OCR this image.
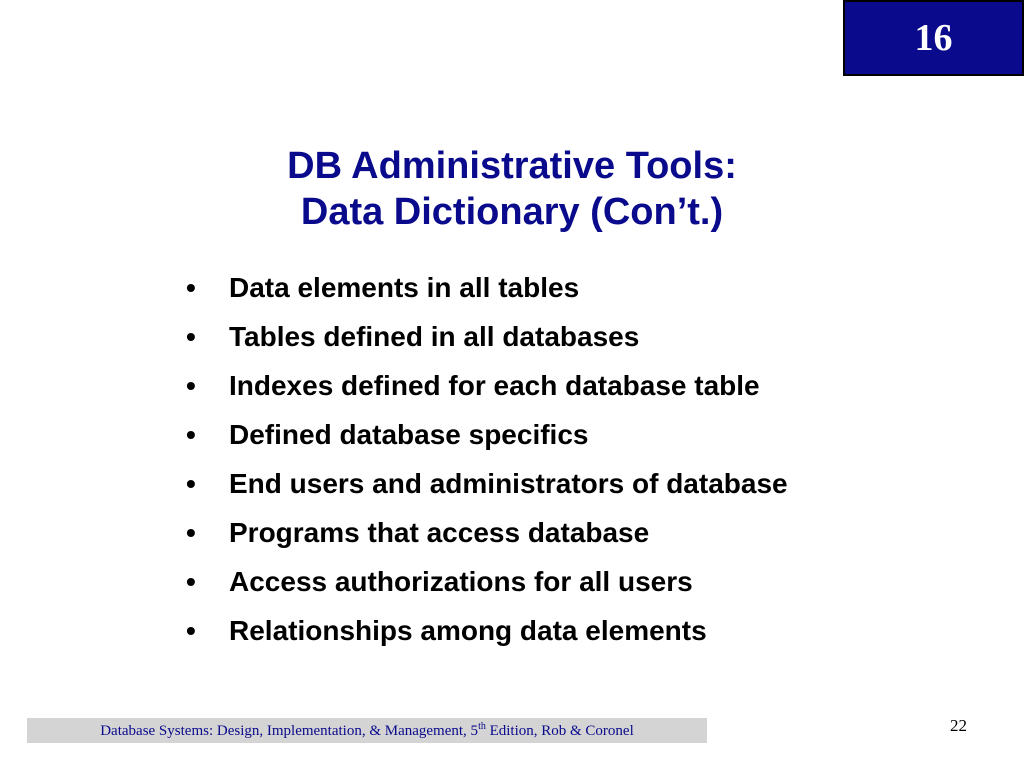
16
DB Administrative Tools:
Data Dictionary (Con’t.)
•	Data elements in all tables
•	Tables defined in all databases
•	Indexes defined for each database table
•	Defined database specifics
•	End users and administrators of database
•	Programs that access database
•	Access authorizations for all users
•	Relationships among data elements
Database Systems: Design, Implementation, & Management, 5th Edition, Rob & Coronel	22
